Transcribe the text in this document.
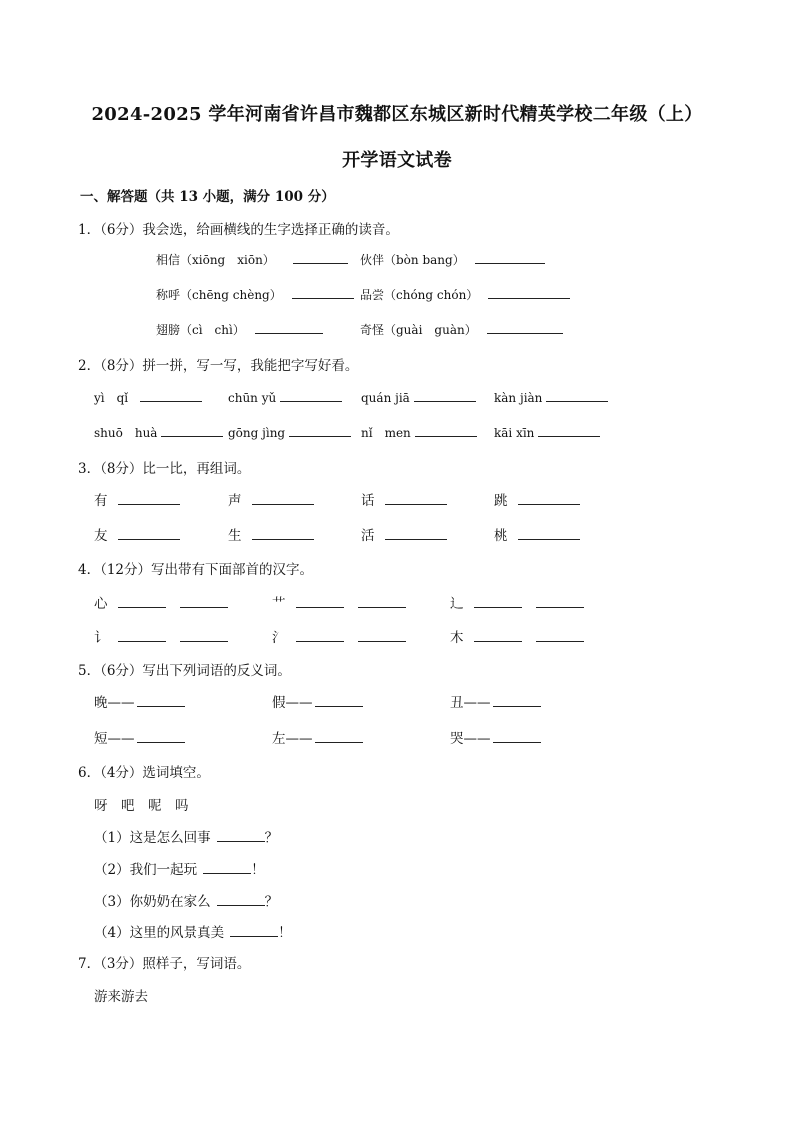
2024-2025 学年河南省许昌市魏都区东城区新时代精英学校二年级（上）
开学语文试卷
一、解答题（共 13 小题，满分 100 分）
1．（6分）我会选，给画横线的生字选择正确的读音。
相信（xiōng　xiōn）	伙伴（bòn bang）
称呼（chēng chèng）	品尝（chóng chón）
翅膀（cì　chì）	奇怪（guài　guàn）
2．（8分）拼一拼，写一写，我能把字写好看。
yì　qǐ	chūn yǔ	quán jiā	kàn jiàn
shuō　huà	gōng jìng	nǐ　men	kāi xīn
3．（8分）比一比，再组词。
有	声	话	跳
友	生	活	桃
4．（12分）写出带有下面部首的汉字。
心	艹	辶
讠	氵	木
5．（6分）写出下列词语的反义词。
晚——	假——	丑——
短——	左——	哭——
6．（4分）选词填空。
呀　吧　呢　吗
（1）这是怎么回事	？
（2）我们一起玩	！
（3）你奶奶在家么	？
（4）这里的风景真美	！
7．（3分）照样子，写词语。
游来游去
